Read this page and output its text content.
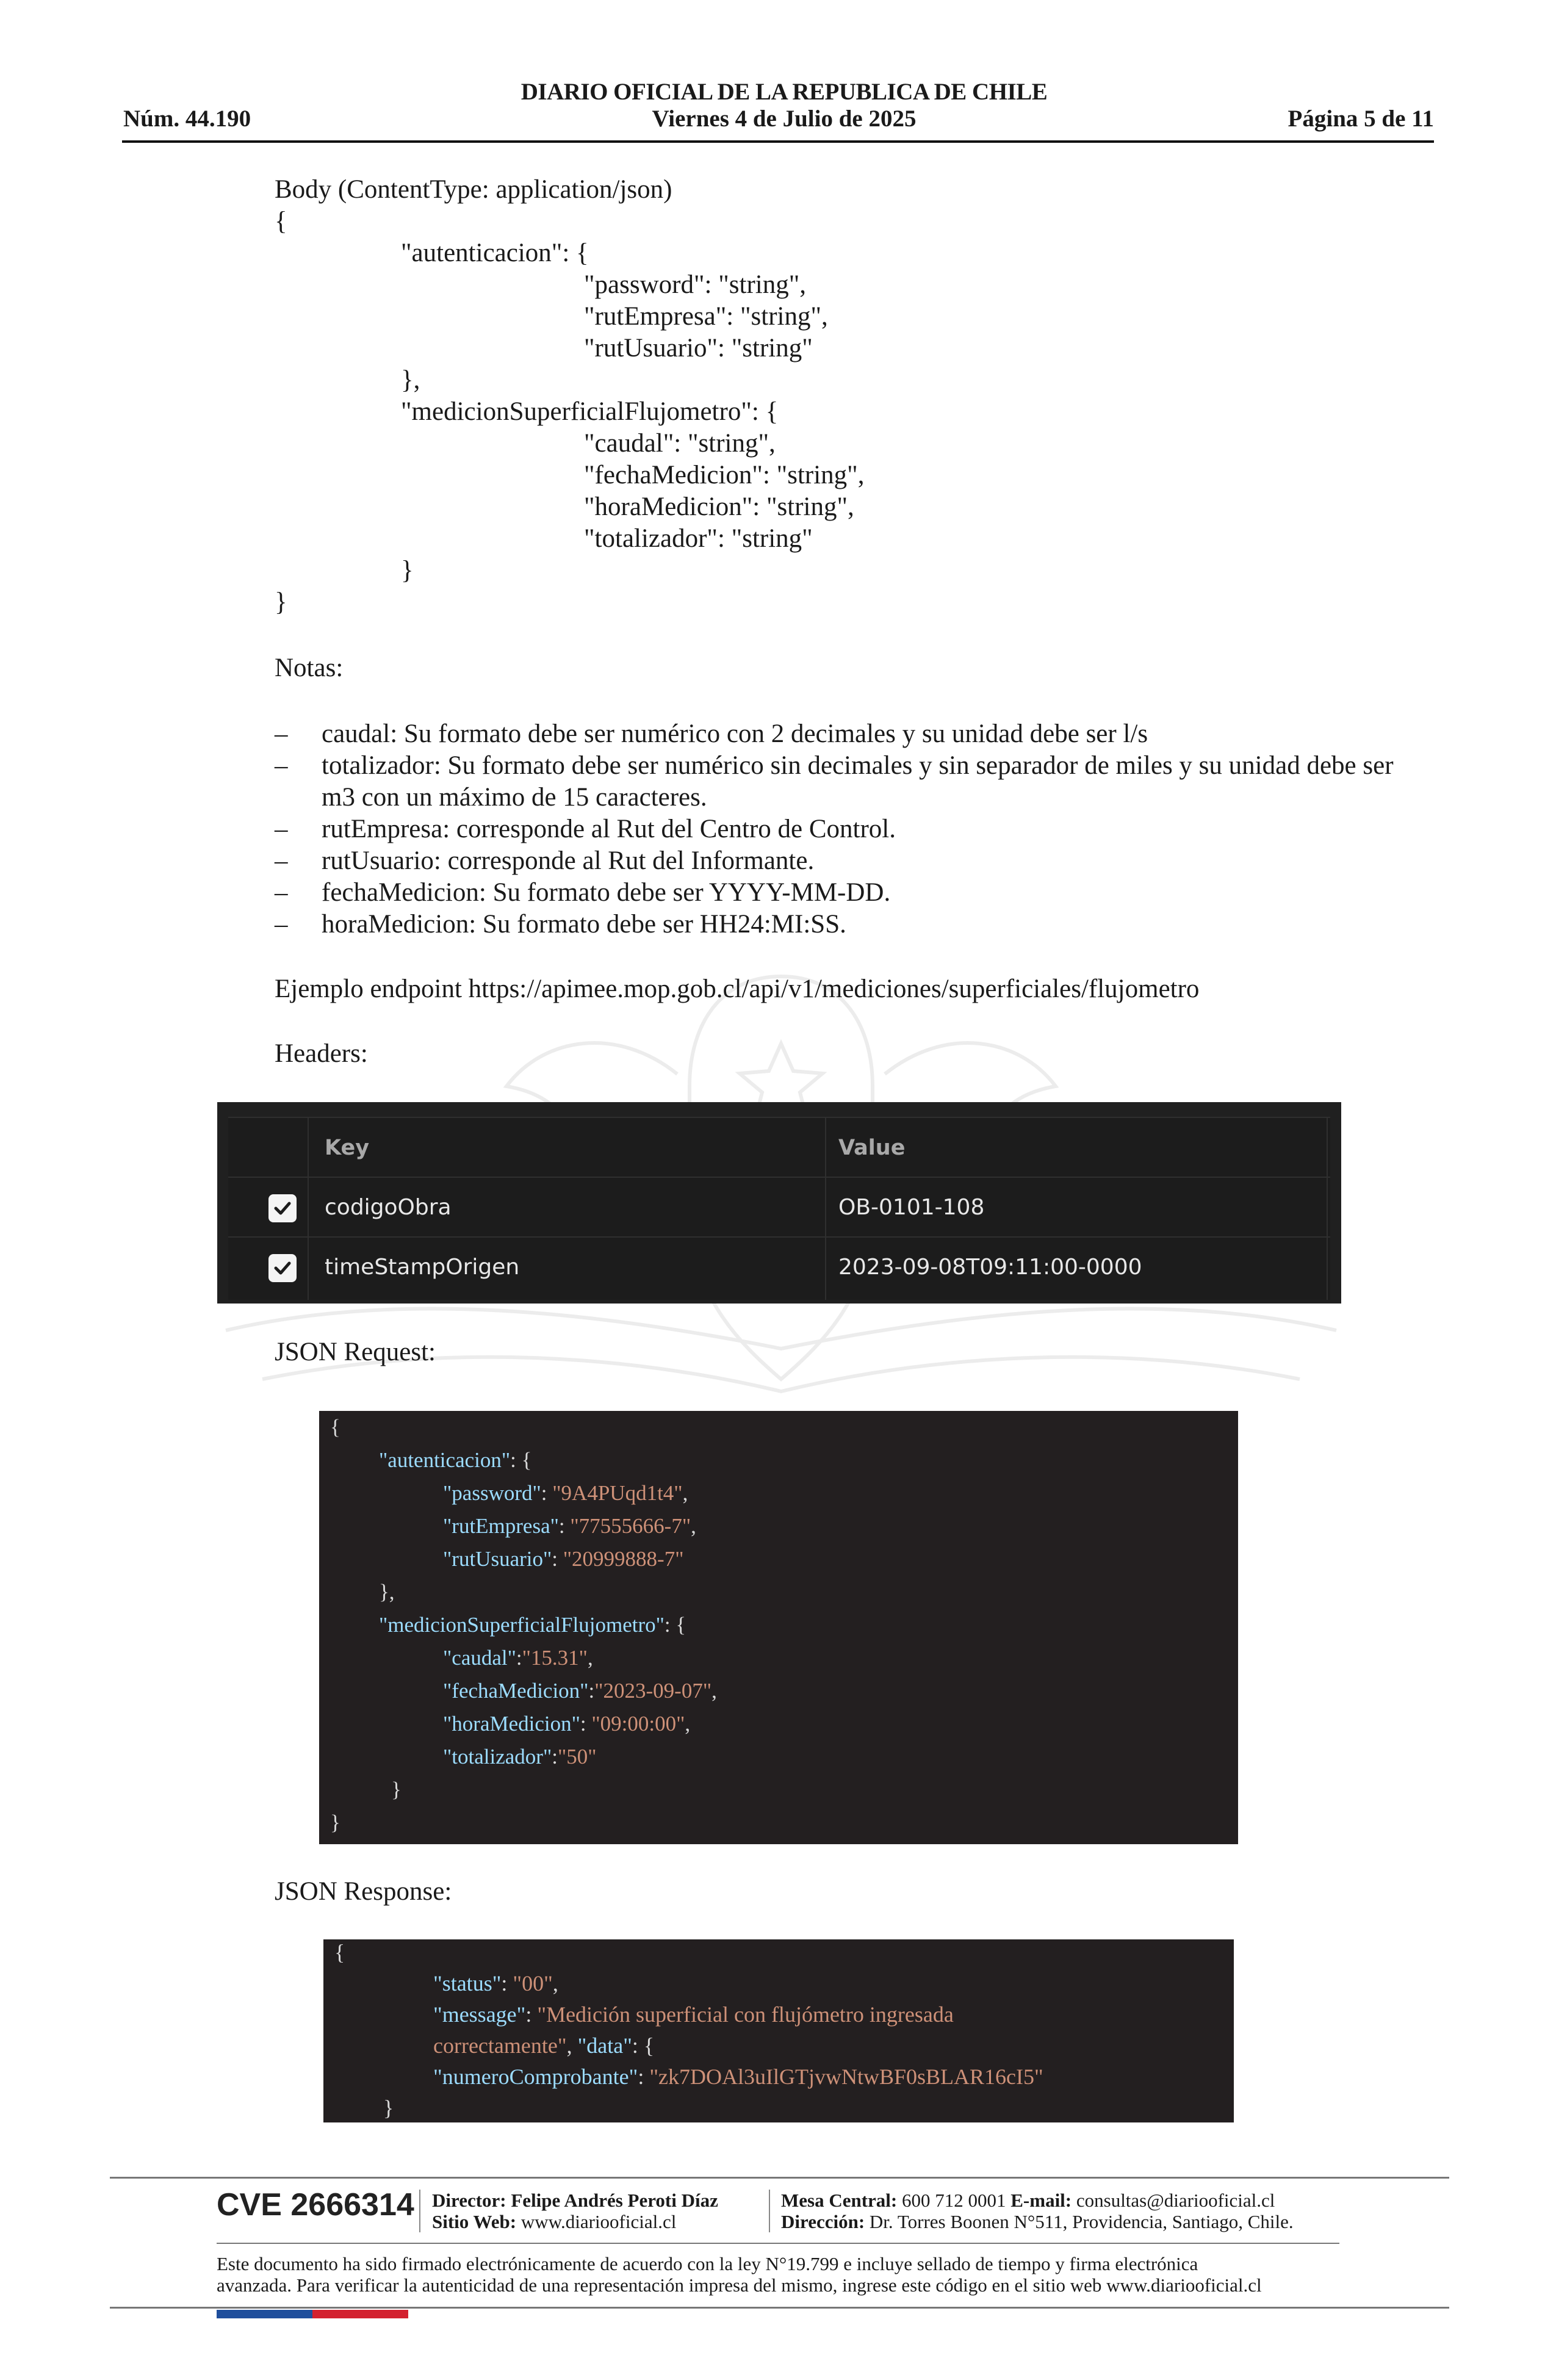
DIARIO OFICIAL DE LA REPUBLICA DE CHILE
Núm. 44.190	Viernes 4 de Julio de 2025	Página 5 de 11
Body (ContentType: application/json)
{
"autenticacion": {
"password": "string",
"rutEmpresa": "string",
"rutUsuario": "string"
},
"medicionSuperficialFlujometro": {
"caudal": "string",
"fechaMedicion": "string",
"horaMedicion": "string",
"totalizador": "string"
}
}
Notas:
– caudal: Su formato debe ser numérico con 2 decimales y su unidad debe ser l/s
– totalizador: Su formato debe ser numérico sin decimales y sin separador de miles y su unidad debe ser m3 con un máximo de 15 caracteres.
– rutEmpresa: corresponde al Rut del Centro de Control.
– rutUsuario: corresponde al Rut del Informante.
– fechaMedicion: Su formato debe ser YYYY-MM-DD.
– horaMedicion: Su formato debe ser HH24:MI:SS.
Ejemplo endpoint https://apimee.mop.gob.cl/api/v1/mediciones/superficiales/flujometro
Headers:
Key	Value
codigoObra	OB-0101-108
timeStampOrigen	2023-09-08T09:11:00-0000
JSON Request:
{
"autenticacion": {
"password": "9A4PUqd1t4",
"rutEmpresa": "77555666-7",
"rutUsuario": "20999888-7"
},
"medicionSuperficialFlujometro": {
"caudal":"15.31",
"fechaMedicion":"2023-09-07",
"horaMedicion": "09:00:00",
"totalizador":"50"
}
}
JSON Response:
{
"status": "00",
"message": "Medición superficial con flujómetro ingresada
correctamente", "data": {
"numeroComprobante": "zk7DOAl3uIlGTjvwNtwBF0sBLAR16cI5"
}
CVE 2666314 Director: Felipe Andrés Peroti Díaz
Sitio Web: www.diariooficial.cl
Mesa Central: 600 712 0001 E-mail: consultas@diariooficial.cl
Dirección: Dr. Torres Boonen N°511, Providencia, Santiago, Chile.
Este documento ha sido firmado electrónicamente de acuerdo con la ley N°19.799 e incluye sellado de tiempo y firma electrónica
avanzada. Para verificar la autenticidad de una representación impresa del mismo, ingrese este código en el sitio web www.diariooficial.cl
